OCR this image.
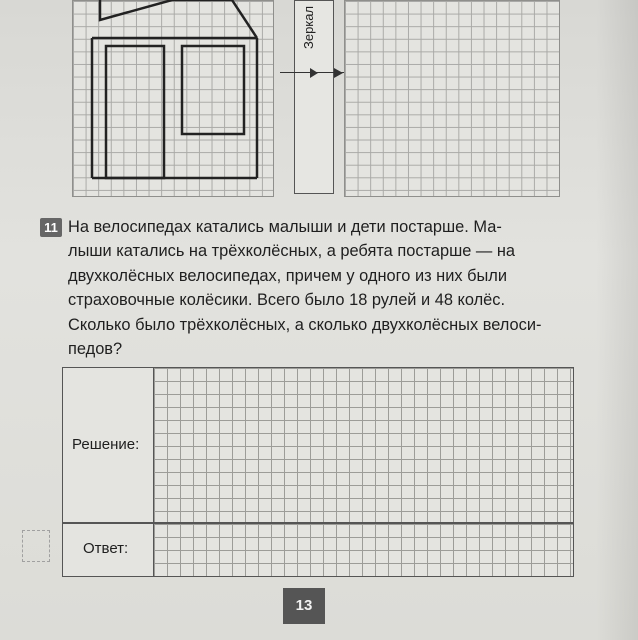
Зеркал
11 На велосипедах катались малыши и дети постарше. Ма-
лыши катались на трёхколёсных, а ребята постарше — на
двухколёсных велосипедах, причем у одного из них были
страховочные колёсики. Всего было 18 рулей и 48 колёс.
Сколько было трёхколёсных, а сколько двухколёсных велоси-
педов?
Решение:
Ответ:
13
